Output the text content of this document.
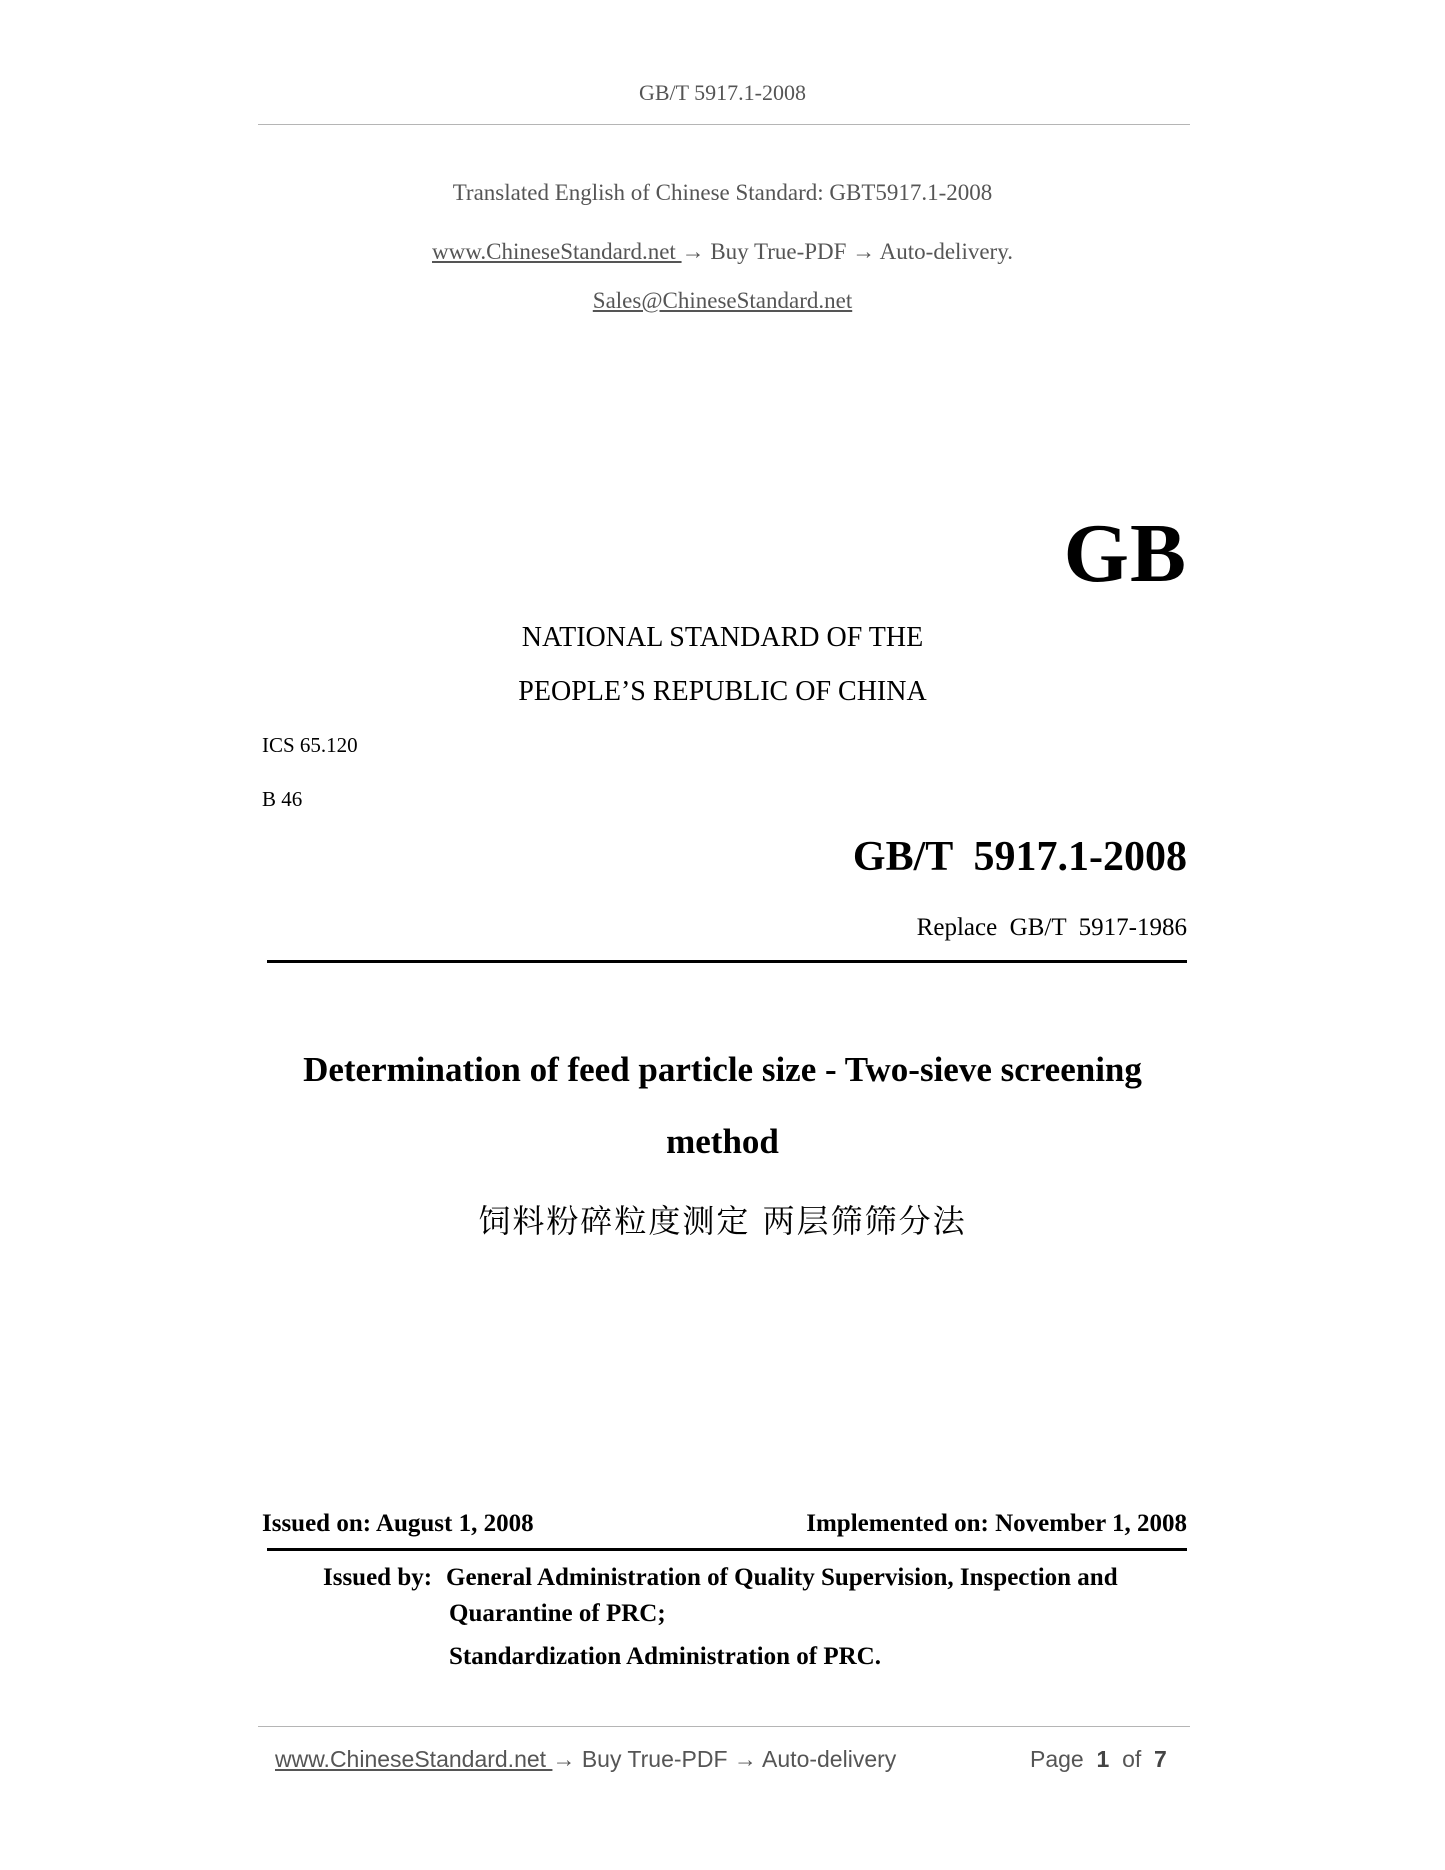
GB/T 5917.1-2008
Translated English of Chinese Standard: GBT5917.1-2008
www.ChineseStandard.net → Buy True-PDF → Auto-delivery.
Sales@ChineseStandard.net
GB
NATIONAL STANDARD OF THE
PEOPLE’S REPUBLIC OF CHINA
ICS 65.120
B 46
GB/T  5917.1-2008
Replace  GB/T  5917-1986
Determination of feed particle size - Two-sieve screening
method
饲料粉碎粒度测定 两层筛筛分法
Issued on: August 1, 2008	Implemented on: November 1, 2008
Issued by: General Administration of Quality Supervision, Inspection and
Quarantine of PRC;
Standardization Administration of PRC.
www.ChineseStandard.net → Buy True-PDF → Auto-delivery	Page 1 of 7
